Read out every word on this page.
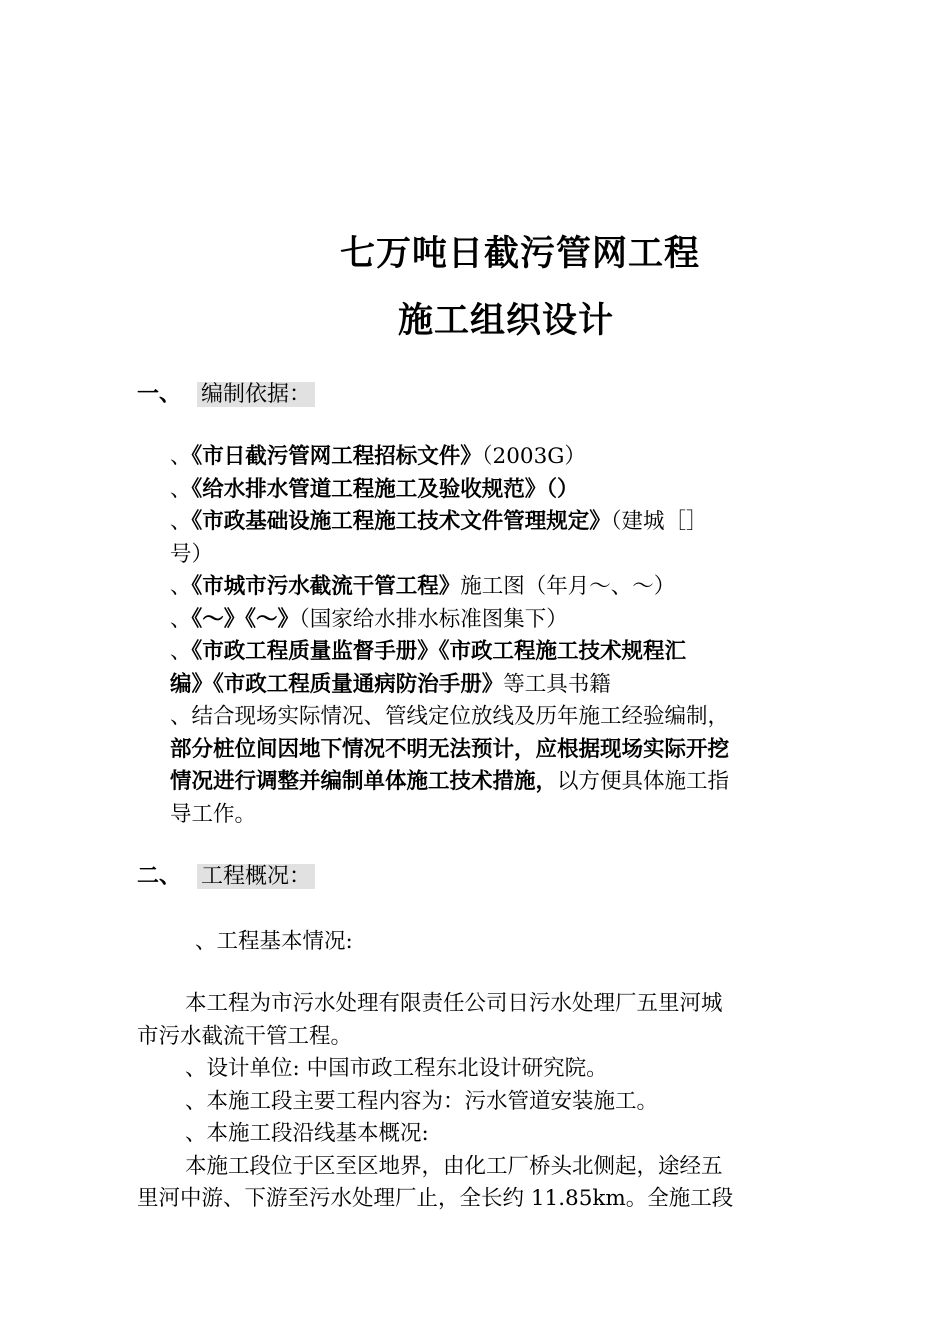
七万吨日截污管网工程
施工组织设计
一、 编制依据：
、《市日截污管网工程招标文件》（2003G）
、《给水排水管道工程施工及验收规范》（）
、《市政基础设施工程施工技术文件管理规定》（建城［］
号）
、《市城市污水截流干管工程》施工图（年月～、～）
、《～》《～》（国家给水排水标准图集下）
、《市政工程质量监督手册》《市政工程施工技术规程汇
编》《市政工程质量通病防治手册》等工具书籍
、结合现场实际情况、管线定位放线及历年施工经验编制，
部分桩位间因地下情况不明无法预计，应根据现场实际开挖
情况进行调整并编制单体施工技术措施，以方便具体施工指
导工作。
二、 工程概况：
、工程基本情况:
本工程为市污水处理有限责任公司日污水处理厂五里河城
市污水截流干管工程。
、设计单位: 中国市政工程东北设计研究院。
、本施工段主要工程内容为：污水管道安装施工。
、本施工段沿线基本概况:
本施工段位于区至区地界，由化工厂桥头北侧起，途经五
里河中游、下游至污水处理厂止，全长约 11.85km。全施工段
